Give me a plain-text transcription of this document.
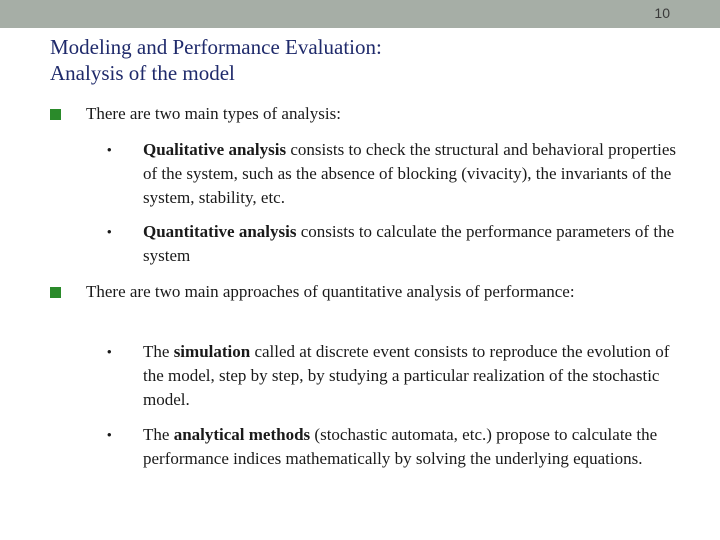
10
Modeling and Performance Evaluation:
Analysis of the model
There are two main types of analysis:
• Qualitative analysis consists to check the structural and behavioral properties of the system, such as the absence of blocking (vivacity), the invariants of the system, stability, etc.
• Quantitative analysis consists to calculate the performance parameters of the system
There are two main approaches of quantitative analysis of performance:
• The simulation called at discrete event consists to reproduce the evolution of the model, step by step, by studying a particular realization of the stochastic model.
• The analytical methods (stochastic automata, etc.) propose to calculate the performance indices mathematically by solving the underlying equations.
